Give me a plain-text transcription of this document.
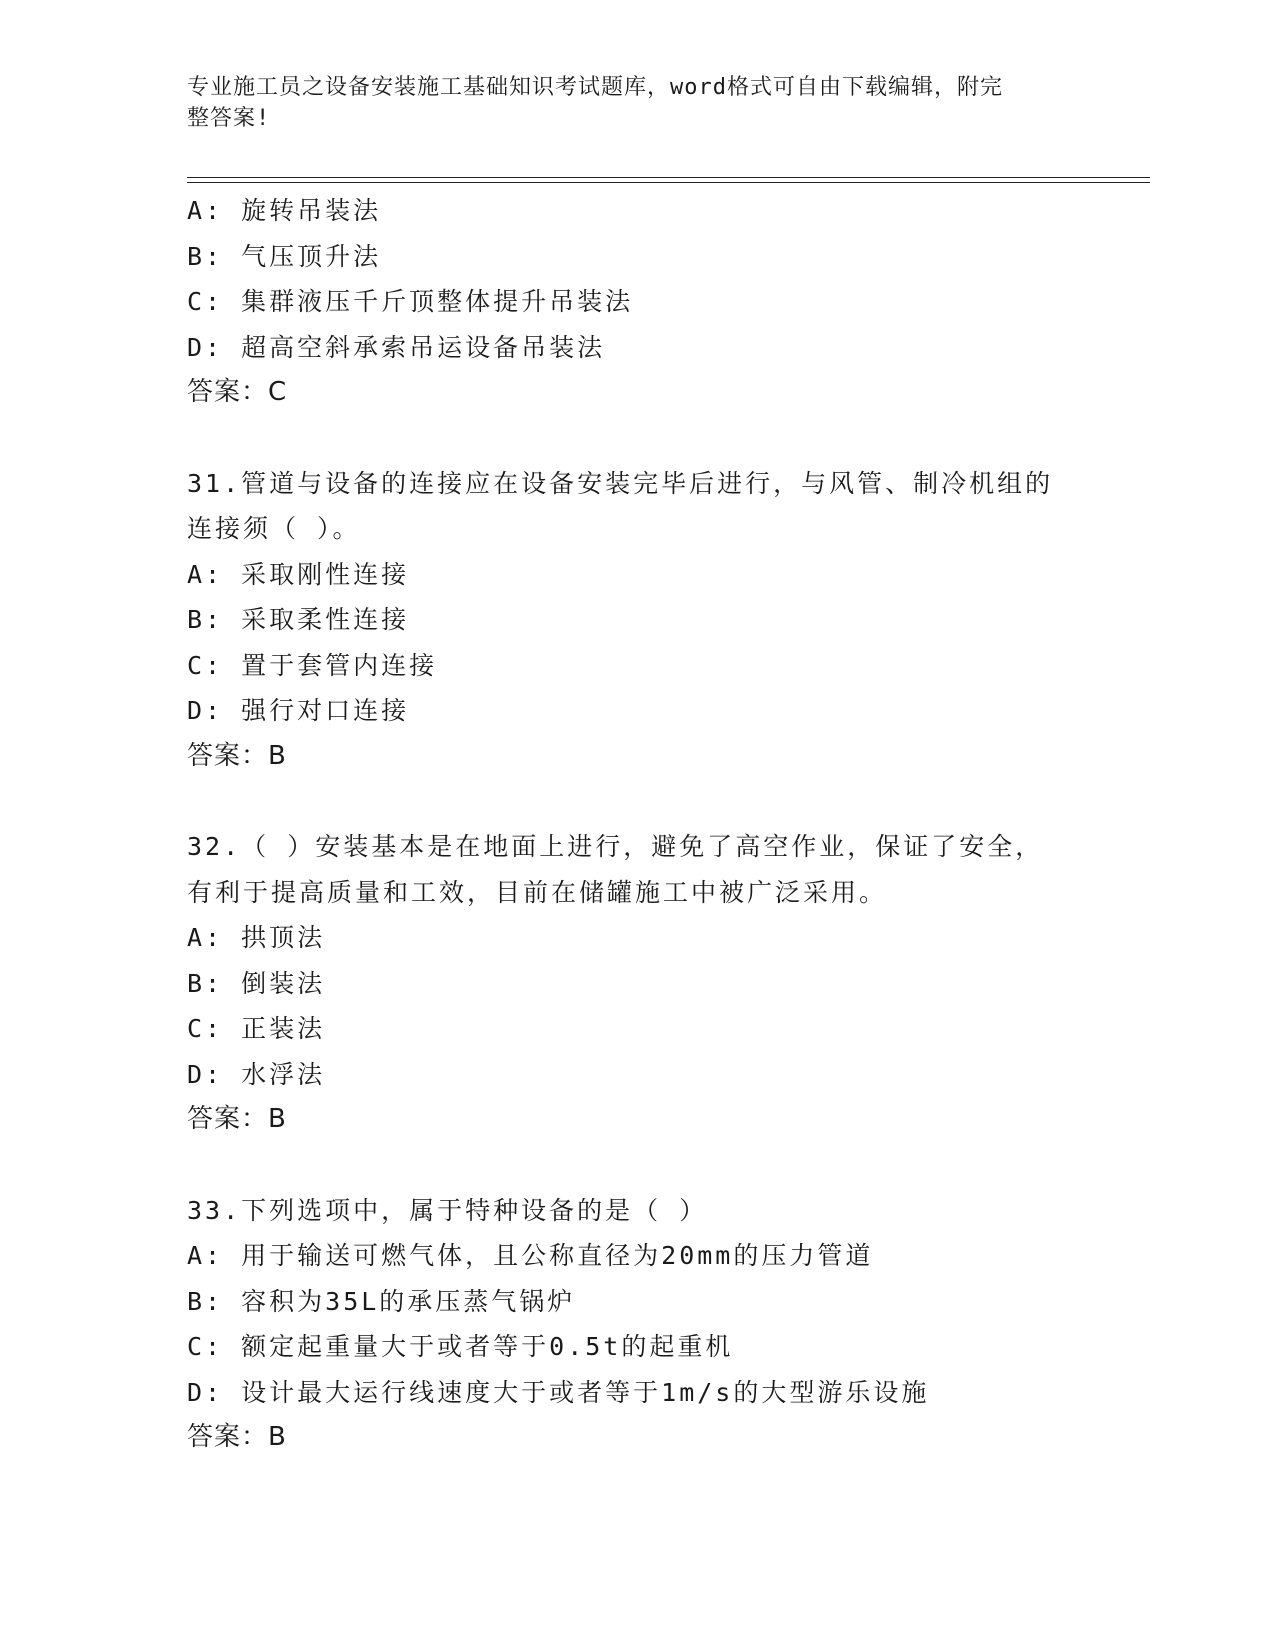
专业施工员之设备安装施工基础知识考试题库，word格式可自由下载编辑，附完
整答案!
A: 旋转吊装法
B: 气压顶升法
C: 集群液压千斤顶整体提升吊装法
D: 超高空斜承索吊运设备吊装法
答案：C
31.管道与设备的连接应在设备安装完毕后进行，与风管、制冷机组的
连接须（ ）。
A: 采取刚性连接
B: 采取柔性连接
C: 置于套管内连接
D: 强行对口连接
答案：B
32.（ ）安装基本是在地面上进行，避免了高空作业，保证了安全，
有利于提高质量和工效，目前在储罐施工中被广泛采用。
A: 拱顶法
B: 倒装法
C: 正装法
D: 水浮法
答案：B
33.下列选项中，属于特种设备的是（ ）
A: 用于输送可燃气体，且公称直径为20mm的压力管道
B: 容积为35L的承压蒸气锅炉
C: 额定起重量大于或者等于0.5t的起重机
D: 设计最大运行线速度大于或者等于1m/s的大型游乐设施
答案：B
